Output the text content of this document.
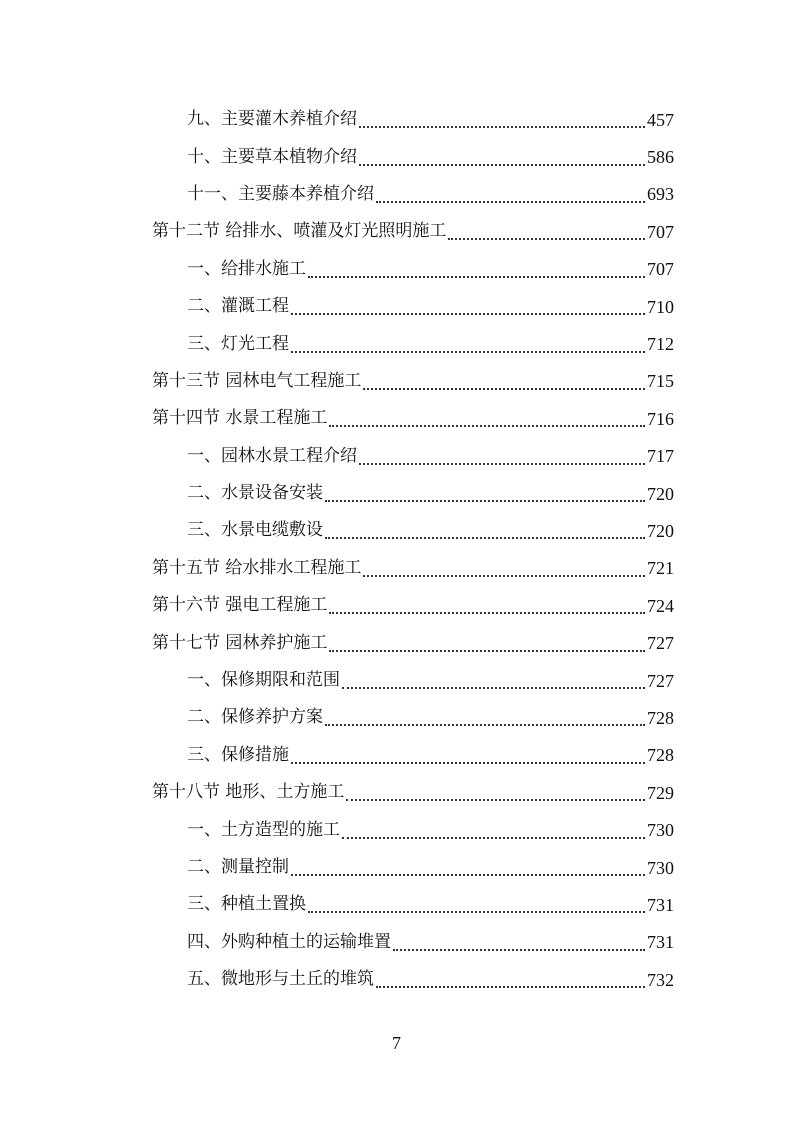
九、主要灌木养植介绍	457
十、主要草本植物介绍	586
十一、主要藤本养植介绍	693
第十二节 给排水、喷灌及灯光照明施工	707
一、给排水施工	707
二、灌溉工程	710
三、灯光工程	712
第十三节 园林电气工程施工	715
第十四节 水景工程施工	716
一、园林水景工程介绍	717
二、水景设备安装	720
三、水景电缆敷设	720
第十五节 给水排水工程施工	721
第十六节 强电工程施工	724
第十七节 园林养护施工	727
一、保修期限和范围	727
二、保修养护方案	728
三、保修措施	728
第十八节 地形、土方施工	729
一、土方造型的施工	730
二、测量控制	730
三、种植土置换	731
四、外购种植土的运输堆置	731
五、微地形与土丘的堆筑	732
7
